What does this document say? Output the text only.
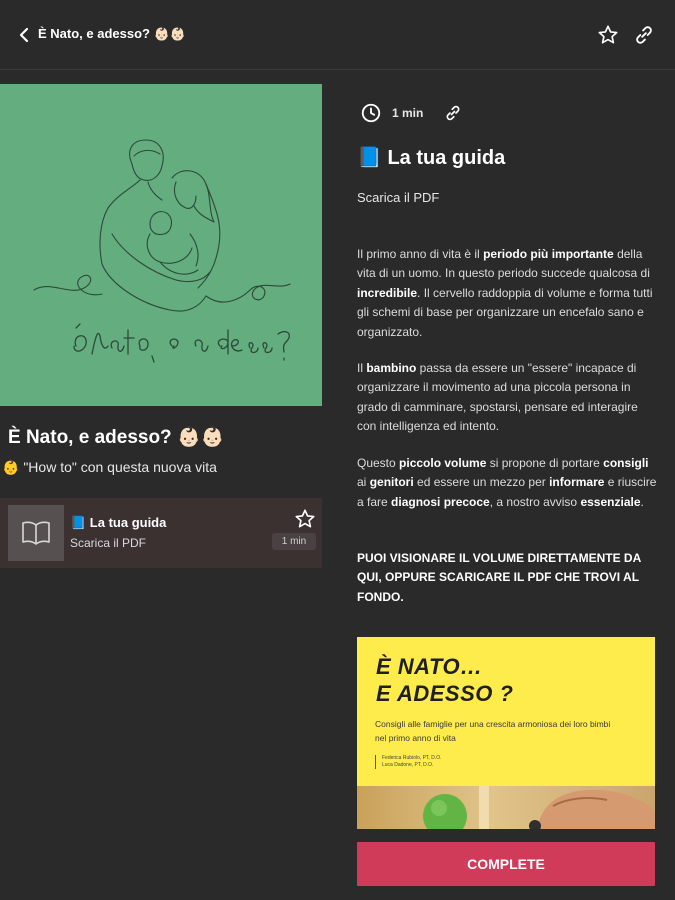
È Nato, e adesso? 👶🏻👶🏻
È Nato, e adesso? 👶🏻👶🏻
👶 "How to" con questa nuova vita
📘 La tua guida
Scarica il PDF	1 min
1 min
📘 La tua guida
Scarica il PDF
Il primo anno di vita è il periodo più importante della vita di un uomo. In questo periodo succede qualcosa di incredibile. Il cervello raddoppia di volume e forma tutti gli schemi di base per organizzare un encefalo sano e organizzato.
Il bambino passa da essere un "essere" incapace di organizzare il movimento ad una piccola persona in grado di camminare, spostarsi, pensare ed interagire con intelligenza ed intento.
Questo piccolo volume si propone di portare consigli ai genitori ed essere un mezzo per informare e riuscire a fare diagnosi precoce, a nostro avviso essenziale.
PUOI VISIONARE IL VOLUME DIRETTAMENTE DA QUI, OPPURE SCARICARE IL PDF CHE TROVI AL FONDO.
È NATO…
E ADESSO ?
Consigli alle famiglie per una crescita armoniosa dei loro bimbi nel primo anno di vita
Federica Rubiolo, PT, D.O.
Luca Dadone, PT, D.O.
COMPLETE
